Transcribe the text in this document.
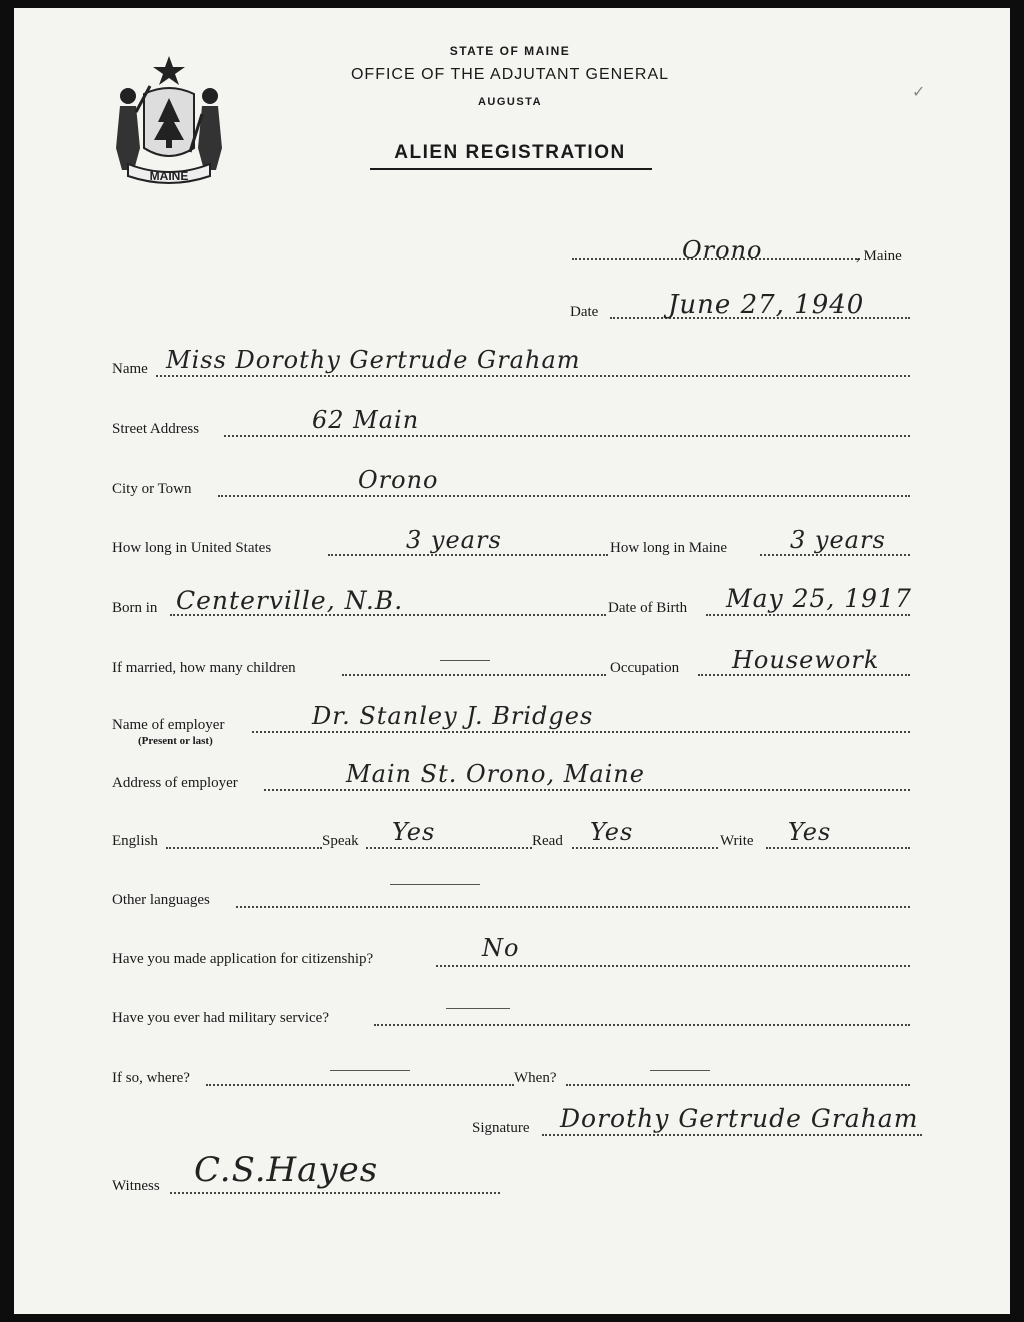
MAINE
STATE OF MAINE
OFFICE OF THE ADJUTANT GENERAL
AUGUSTA
ALIEN REGISTRATION
✓
Orono	, Maine
Date	June 27, 1940
Name Miss Dorothy Gertrude Graham
Street Address	62 Main
City or Town	Orono
How long in United States	3 years	How long in Maine	3 years
Born in Centerville, N.B.	Date of Birth May 25, 1917
If married, how many children	Occupation Housework
Name of employer
(Present or last)
Dr. Stanley J. Bridges
Address of employer	Main St. Orono, Maine
English	Speak Yes	Read Yes	Write Yes
Other languages
Have you made application for citizenship?	No
Have you ever had military service?
If so, where?	When?
Signature Dorothy Gertrude Graham
Witness C.S.Hayes
